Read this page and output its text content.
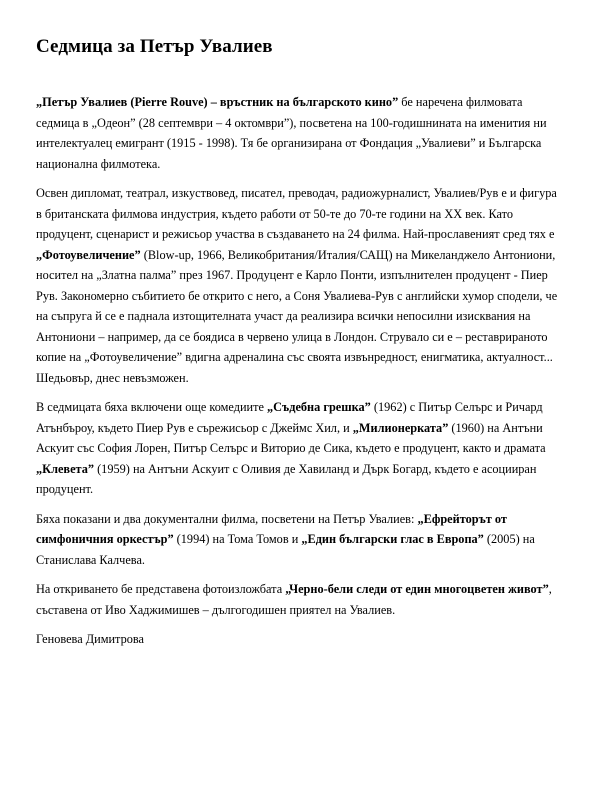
Седмица за Петър Увалиев

„Петър Увалиев (Pierre Rouve) – връстник на българското кино” бе наречена филмовата седмица в „Одеон” (28 септември – 4 октомври”), посветена на 100-годишнината на именития ни интелектуалец емигрант (1915 - 1998). Тя бе организирана от Фондация „Увалиеви” и Българска национална филмотека.

Освен дипломат, театрал, изкуствовед, писател, преводач, радиожурналист, Увалиев/Рув е и фигура в британската филмова индустрия, където работи от 50-те до 70-те години на ХХ век. Като продуцент, сценарист и режисьор участва в създаването на 24 филма. Най-прославеният сред тях е „Фотоувеличение” (Blow-up, 1966, Великобритания/Италия/САЩ) на Микеланджело Антониони, носител на „Златна палма” през 1967. Продуцент е Карло Понти, изпълнителен продуцент - Пиер Рув. Закономерно събитието бе открито с него, а Соня Увалиева-Рув с английски хумор сподели, че на съпруга й се е паднала изтощителната участ да реализира всички непосилни изисквания на Антониони – например, да се боядиса в червено улица в Лондон. Струвало си е – реставрираното копие на „Фотоувеличение” вдигна адреналина със своята извънредност, енигматика, актуалност... Шедьовър, днес невъзможен.

В седмицата бяха включени още комедиите „Съдебна грешка” (1962) с Питър Селърс и Ричард Атънбъроу, където Пиер Рув е сърежисьор с Джеймс Хил, и „Милионерката” (1960) на Антъни Аскуит със София Лорен, Питър Селърс и Виторио де Сика, където е продуцент, както и драмата „Клевета” (1959) на Антъни Аскуит с Оливия де Хавиланд и Дърк Богард, където е асоцииран продуцент.

Бяха показани и два документални филма, посветени на Петър Увалиев: „Ефрейторът от симфоничния оркестър” (1994) на Тома Томов и „Един български глас в Европа” (2005) на Станислава Калчева.

На откриването бе представена фотоизложбата „Черно-бели следи от един многоцветен живот”, съставена от Иво Хаджимишев – дългогодишен приятел на Увалиев.

Геновева Димитрова
